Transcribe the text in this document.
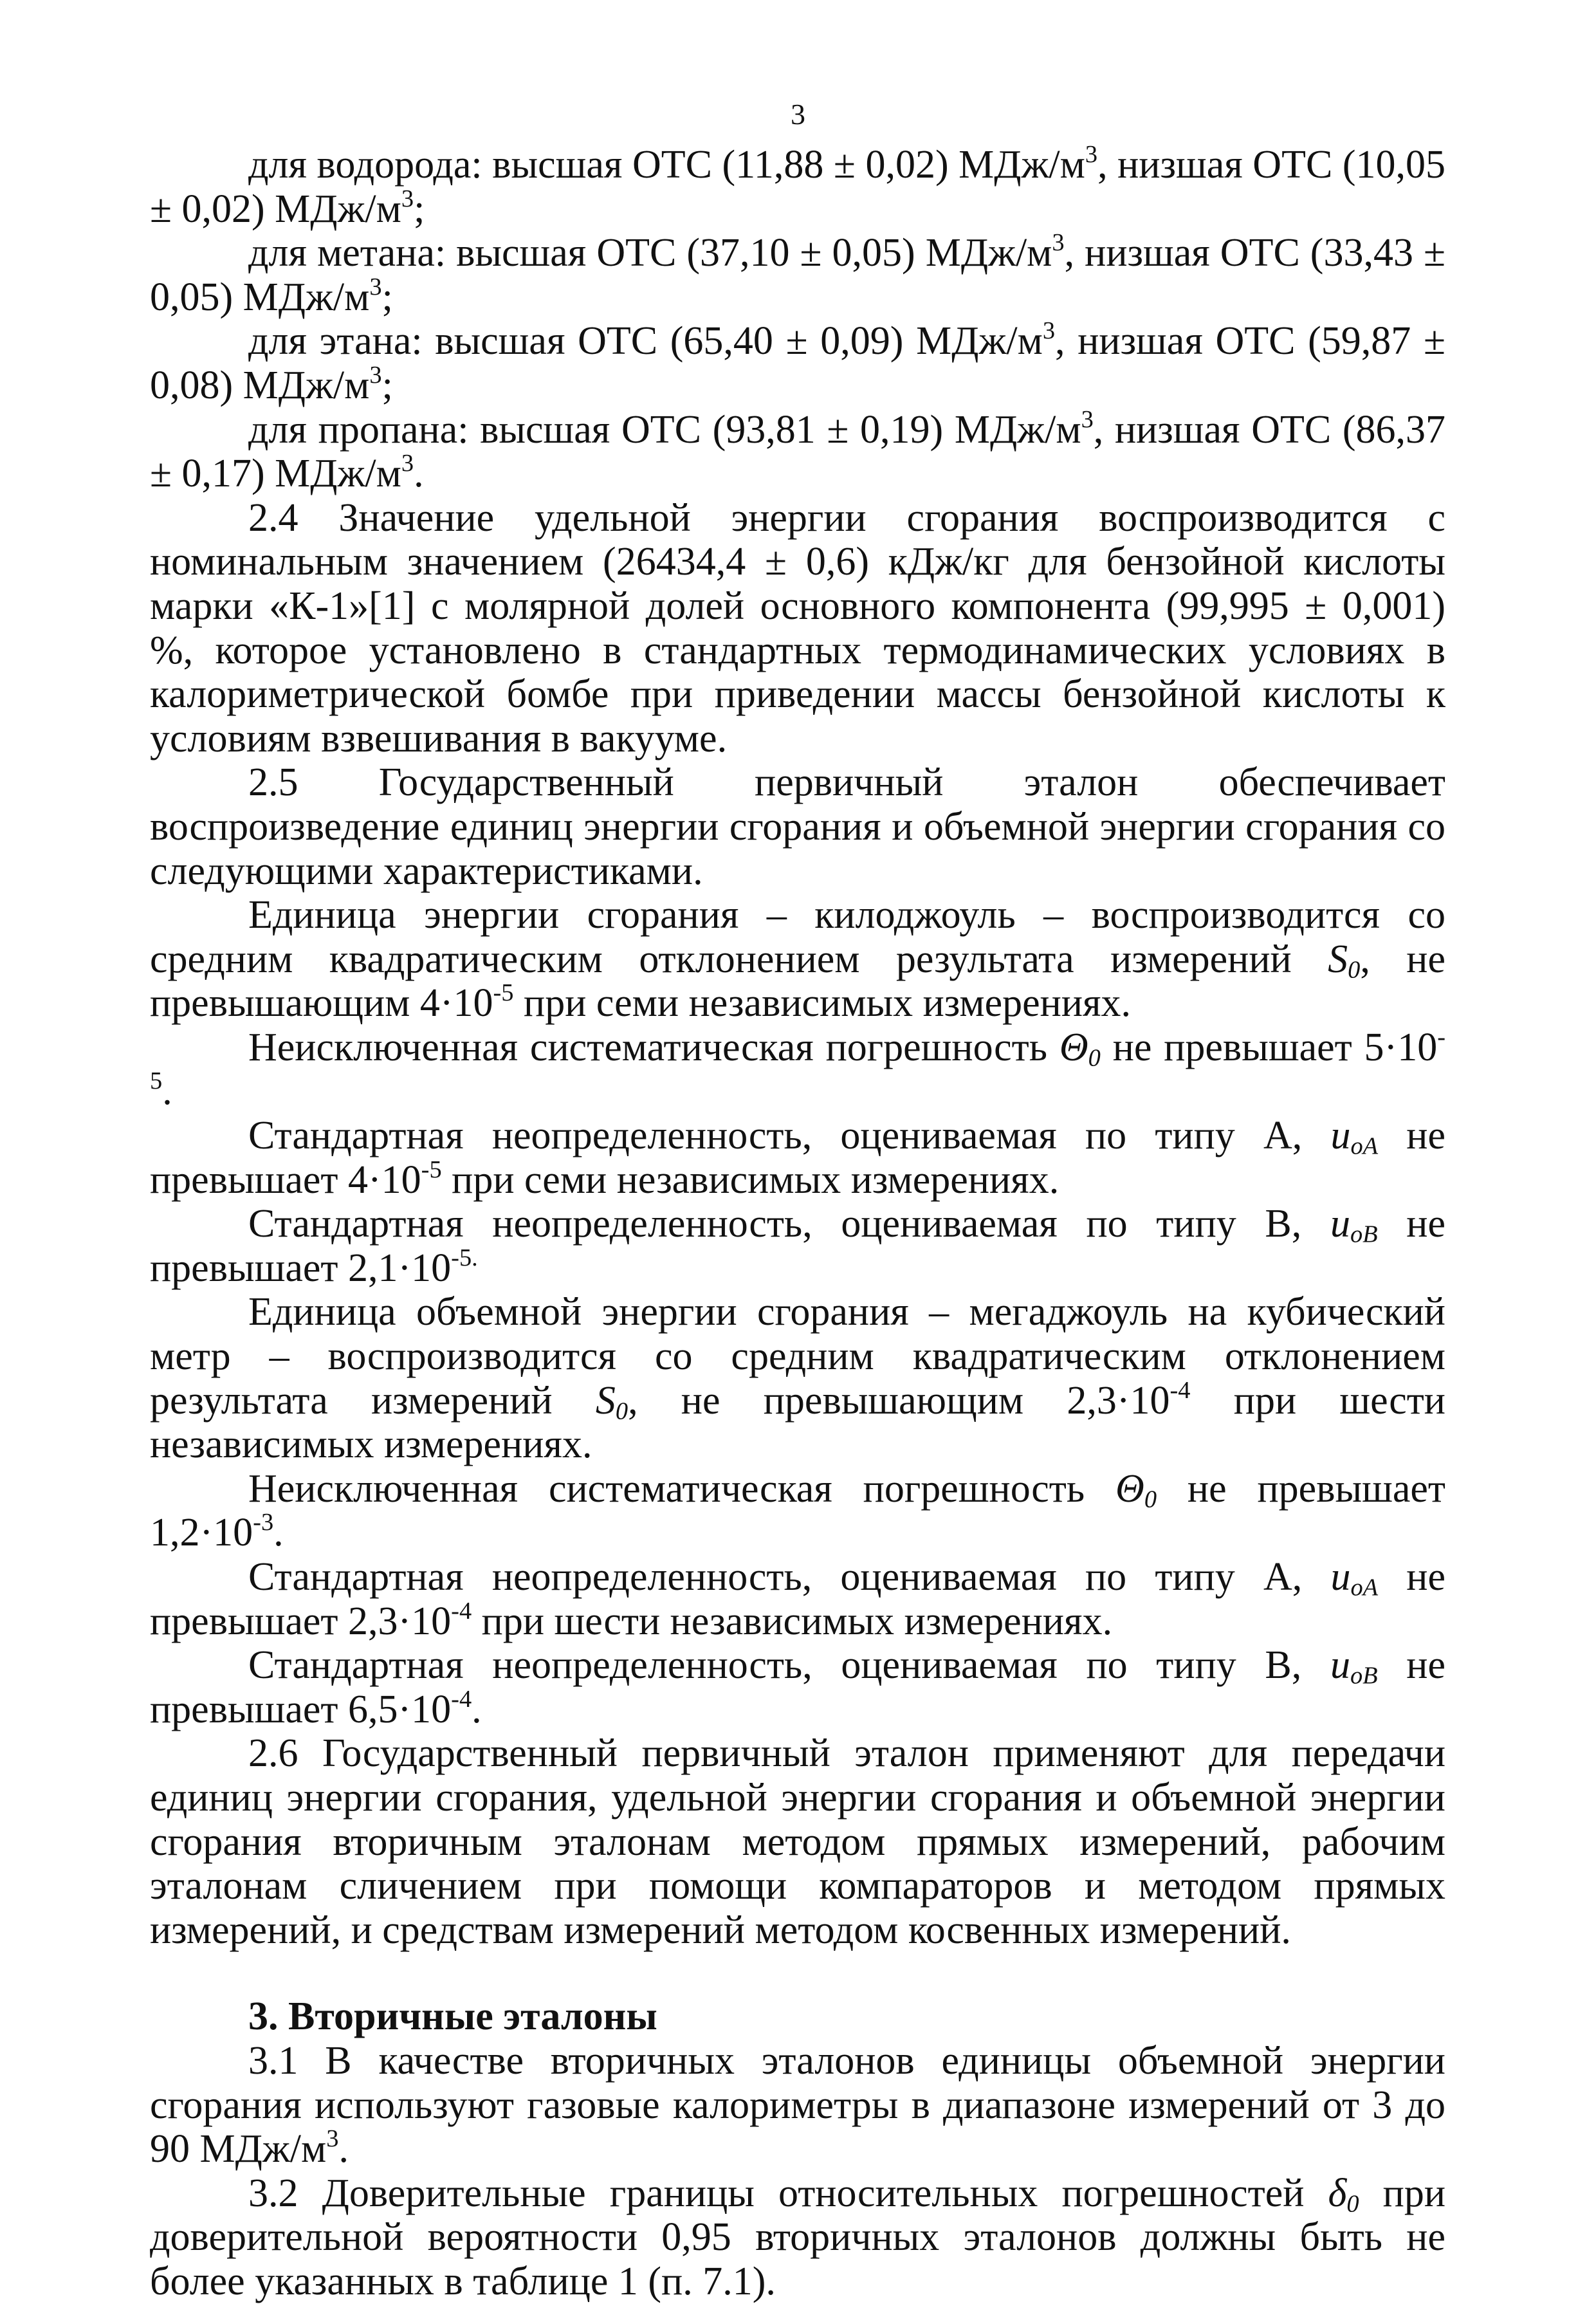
3

для водорода: высшая ОТС (11,88 ± 0,02) МДж/$м^3$, низшая ОТС (10,05 ± 0,02) МДж/$м^3$;

для метана: высшая ОТС (37,10 ± 0,05) МДж/$м^3$, низшая ОТС (33,43 ± 0,05) МДж/$м^3$;

для этана: высшая ОТС (65,40 ± 0,09) МДж/$м^3$, низшая ОТС (59,87 ± 0,08) МДж/$м^3$;

для пропана: высшая ОТС (93,81 ± 0,19) МДж/$м^3$, низшая ОТС (86,37 ± 0,17) МДж/$м^3$.

2.4 Значение удельной энергии сгорания воспроизводится с номинальным значением (26434,4 ± 0,6) кДж/кг для бензойной кислоты марки «К-1»[1] с молярной долей основного компонента (99,995 ± 0,001) %, которое установлено в стандартных термодинамических условиях в калориметрической бомбе при приведении массы бензойной кислоты к условиям взвешивания в вакууме.

2.5 Государственный первичный эталон обеспечивает воспроизведение единиц энергии сгорания и объемной энергии сгорания со следующими характеристиками.

Единица энергии сгорания – килоджоуль – воспроизводится со средним квадратическим отклонением результата измерений $S_0$, не превышающим $4\cdot 10^{-5}$ при семи независимых измерениях.

Неисключенная систематическая погрешность $\Theta_0$ не превышает $5\cdot 10^{-5}$.

Стандартная неопределенность, оцениваемая по типу А, $u_{oA}$ не превышает $4\cdot 10^{-5}$ при семи независимых измерениях.

Стандартная неопределенность, оцениваемая по типу В, $u_{oB}$ не превышает $2,1\cdot 10^{-5.}$

Единица объемной энергии сгорания – мегаджоуль на кубический метр – воспроизводится со средним квадратическим отклонением результата измерений $S_0$, не превышающим $2,3\cdot 10^{-4}$ при шести независимых измерениях.

Неисключенная систематическая погрешность $\Theta_0$ не превышает $1,2\cdot 10^{-3}$.

Стандартная неопределенность, оцениваемая по типу А, $u_{oA}$ не превышает $2,3\cdot 10^{-4}$ при шести независимых измерениях.

Стандартная неопределенность, оцениваемая по типу В, $u_{oB}$ не превышает $6,5\cdot 10^{-4}$.

2.6 Государственный первичный эталон применяют для передачи единиц энергии сгорания, удельной энергии сгорания и объемной энергии сгорания вторичным эталонам методом прямых измерений, рабочим эталонам сличением при помощи компараторов и методом прямых измерений, и средствам измерений методом косвенных измерений.

3. Вторичные эталоны

3.1 В качестве вторичных эталонов единицы объемной энергии сгорания используют газовые калориметры в диапазоне измерений от 3 до 90 МДж/$м^3$.

3.2 Доверительные границы относительных погрешностей $\delta_0$ при доверительной вероятности 0,95 вторичных эталонов должны быть не более указанных в таблице 1 (п. 7.1).
